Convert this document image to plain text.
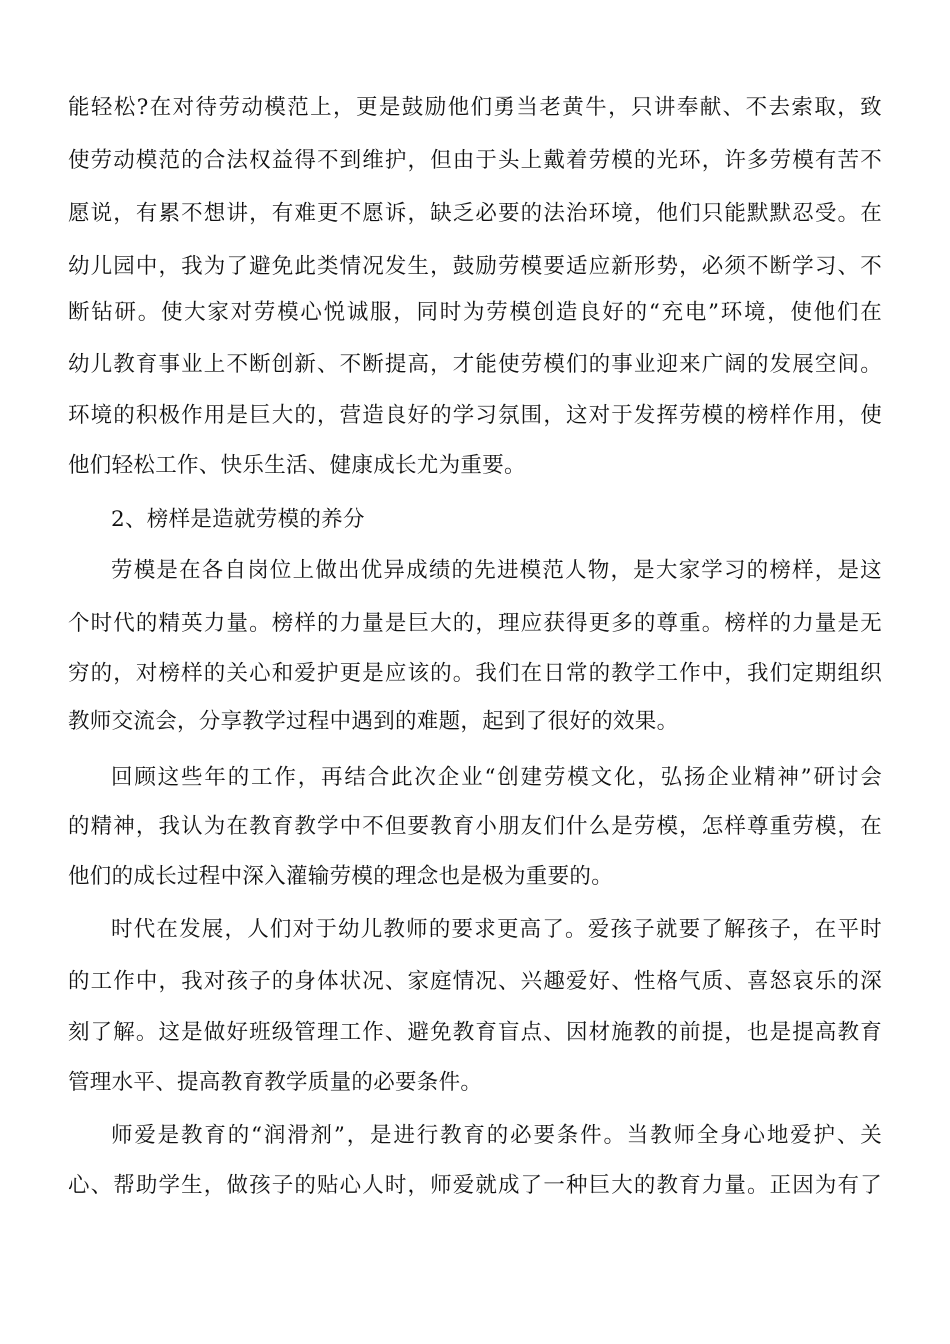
能轻松?在对待劳动模范上，更是鼓励他们勇当老黄牛，只讲奉献、不去索取，致
使劳动模范的合法权益得不到维护，但由于头上戴着劳模的光环，许多劳模有苦不
愿说，有累不想讲，有难更不愿诉，缺乏必要的法治环境，他们只能默默忍受。在
幼儿园中，我为了避免此类情况发生，鼓励劳模要适应新形势，必须不断学习、不
断钻研。使大家对劳模心悦诚服，同时为劳模创造良好的“充电”环境，使他们在
幼儿教育事业上不断创新、不断提高，才能使劳模们的事业迎来广阔的发展空间。
环境的积极作用是巨大的，营造良好的学习氛围，这对于发挥劳模的榜样作用，使
他们轻松工作、快乐生活、健康成长尤为重要。
2、榜样是造就劳模的养分
劳模是在各自岗位上做出优异成绩的先进模范人物，是大家学习的榜样，是这
个时代的精英力量。榜样的力量是巨大的，理应获得更多的尊重。榜样的力量是无
穷的，对榜样的关心和爱护更是应该的。我们在日常的教学工作中，我们定期组织
教师交流会，分享教学过程中遇到的难题，起到了很好的效果。
回顾这些年的工作，再结合此次企业“创建劳模文化，弘扬企业精神”研讨会
的精神，我认为在教育教学中不但要教育小朋友们什么是劳模，怎样尊重劳模，在
他们的成长过程中深入灌输劳模的理念也是极为重要的。
时代在发展，人们对于幼儿教师的要求更高了。爱孩子就要了解孩子，在平时
的工作中，我对孩子的身体状况、家庭情况、兴趣爱好、性格气质、喜怒哀乐的深
刻了解。这是做好班级管理工作、避免教育盲点、因材施教的前提，也是提高教育
管理水平、提高教育教学质量的必要条件。
师爱是教育的“润滑剂”，是进行教育的必要条件。当教师全身心地爱护、关
心、帮助学生，做孩子的贴心人时，师爱就成了一种巨大的教育力量。正因为有了
